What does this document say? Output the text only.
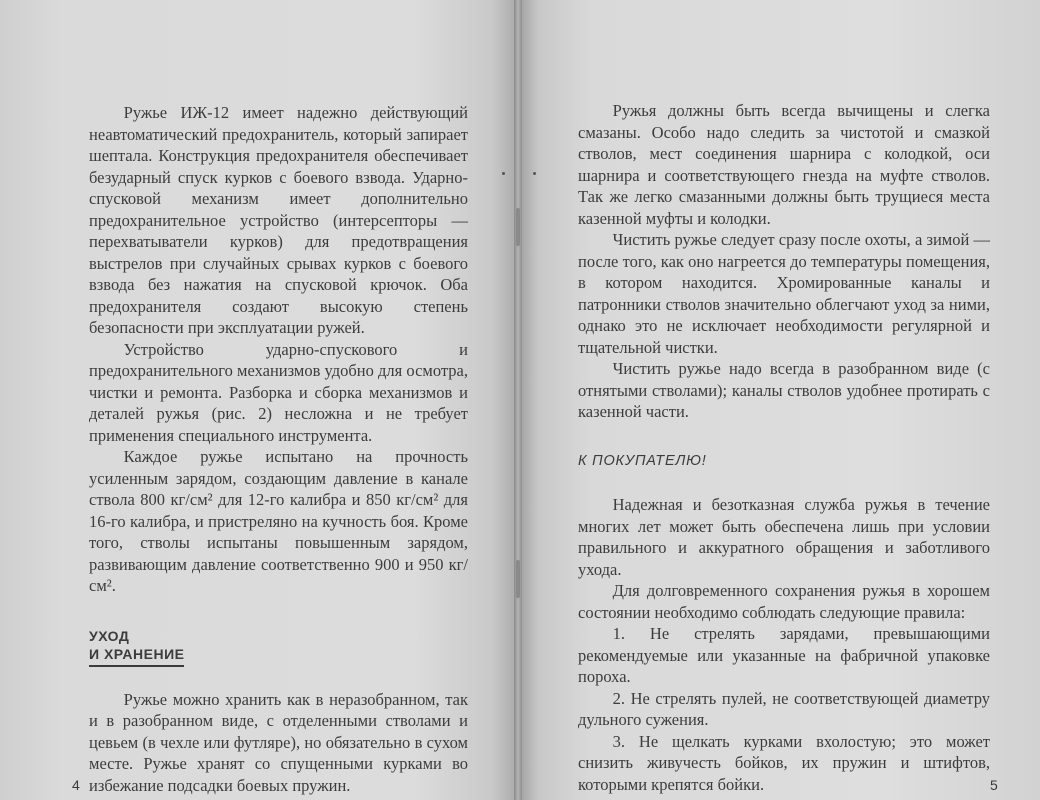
Ружье ИЖ-12 имеет надежно действующий неавтоматический предохранитель, который запирает шептала. Конструкция предохранителя обеспечивает безударный спуск курков с боевого взвода. Ударно-спусковой механизм имеет дополнительно предохранительное устройство (интерсепторы — перехватыватели курков) для предотвращения выстрелов при случайных срывах курков с боевого взвода без нажатия на спусковой крючок. Оба предохранителя создают высокую степень безопасности при эксплуатации ружей.

Устройство ударно-спускового и предохранительного механизмов удобно для осмотра, чистки и ремонта. Разборка и сборка механизмов и деталей ружья (рис. 2) несложна и не требует применения специального инструмента.

Каждое ружье испытано на прочность усиленным зарядом, создающим давление в канале ствола 800 кг/см² для 12-го калибра и 850 кг/см² для 16-го калибра, и пристреляно на кучность боя. Кроме того, стволы испытаны повышенным зарядом, развивающим давление соответственно 900 и 950 кг/см².

УХОД
И ХРАНЕНИЕ

Ружье можно хранить как в неразобранном, так и в разобранном виде, с отделенными стволами и цевьем (в чехле или футляре), но обязательно в сухом месте. Ружье хранят со спущенными курками во избежание подсадки боевых пружин.

4

Ружья должны быть всегда вычищены и слегка смазаны. Особо надо следить за чистотой и смазкой стволов, мест соединения шарнира с колодкой, оси шарнира и соответствующего гнезда на муфте стволов. Так же легко смазанными должны быть трущиеся места казенной муфты и колодки.

Чистить ружье следует сразу после охоты, а зимой — после того, как оно нагреется до температуры помещения, в котором находится. Хромированные каналы и патронники стволов значительно облегчают уход за ними, однако это не исключает необходимости регулярной и тщательной чистки.

Чистить ружье надо всегда в разобранном виде (с отнятыми стволами); каналы стволов удобнее протирать с казенной части.

К ПОКУПАТЕЛЮ!

Надежная и безотказная служба ружья в течение многих лет может быть обеспечена лишь при условии правильного и аккуратного обращения и заботливого ухода.

Для долговременного сохранения ружья в хорошем состоянии необходимо соблюдать следующие правила:

1. Не стрелять зарядами, превышающими рекомендуемые или указанные на фабричной упаковке пороха.

2. Не стрелять пулей, не соответствующей диаметру дульного сужения.

3. Не щелкать курками вхолостую; это может снизить живучесть бойков, их пружин и штифтов, которыми крепятся бойки.	5
